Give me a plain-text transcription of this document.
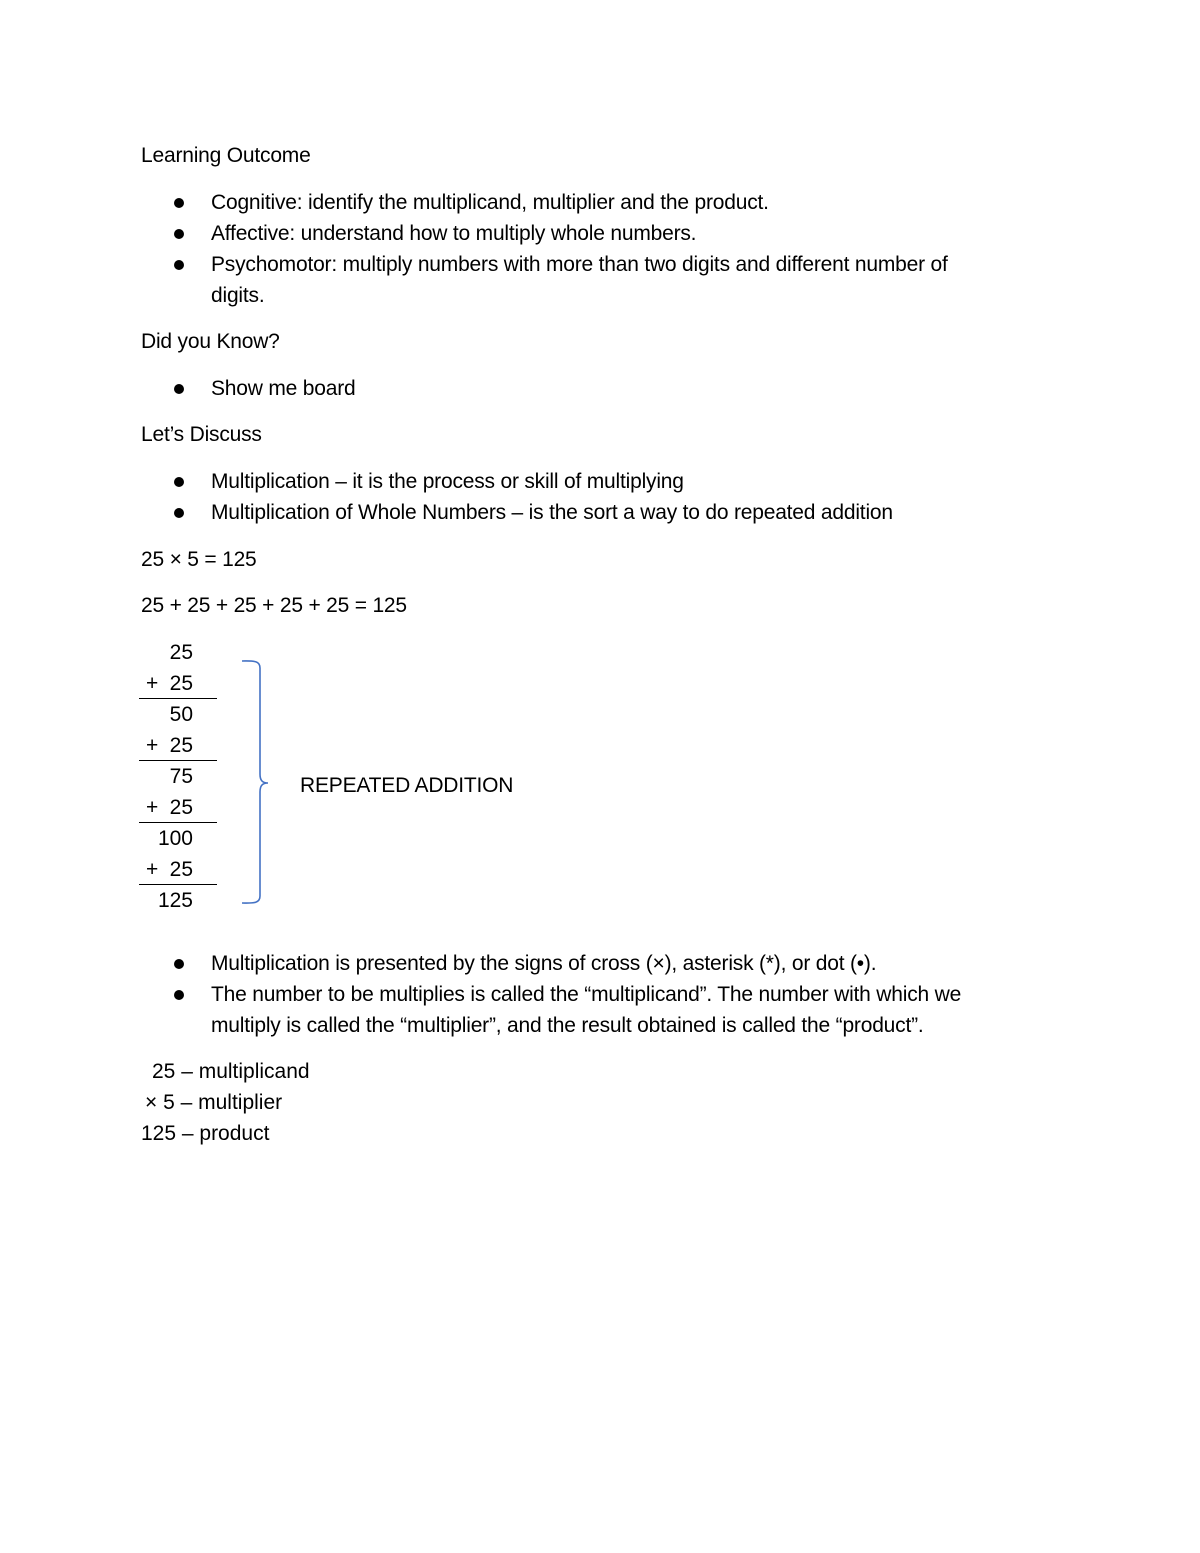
Learning Outcome
Cognitive: identify the multiplicand, multiplier and the product.
Affective: understand how to multiply whole numbers.
Psychomotor: multiply numbers with more than two digits and different number of
digits.
Did you Know?
Show me board
Let’s Discuss
Multiplication – it is the process or skill of multiplying
Multiplication of Whole Numbers – is the sort a way to do repeated addition
25 × 5 = 125
25 + 25 + 25 + 25 + 25 = 125
25
+ 25
50
+ 25
75
+ 25
100
+ 25
125
REPEATED ADDITION
Multiplication is presented by the signs of cross (×), asterisk (*), or dot (•).
The number to be multiplies is called the “multiplicand”. The number with which we
multiply is called the “multiplier”, and the result obtained is called the “product”.
25 – multiplicand
× 5 – multiplier
125 – product
